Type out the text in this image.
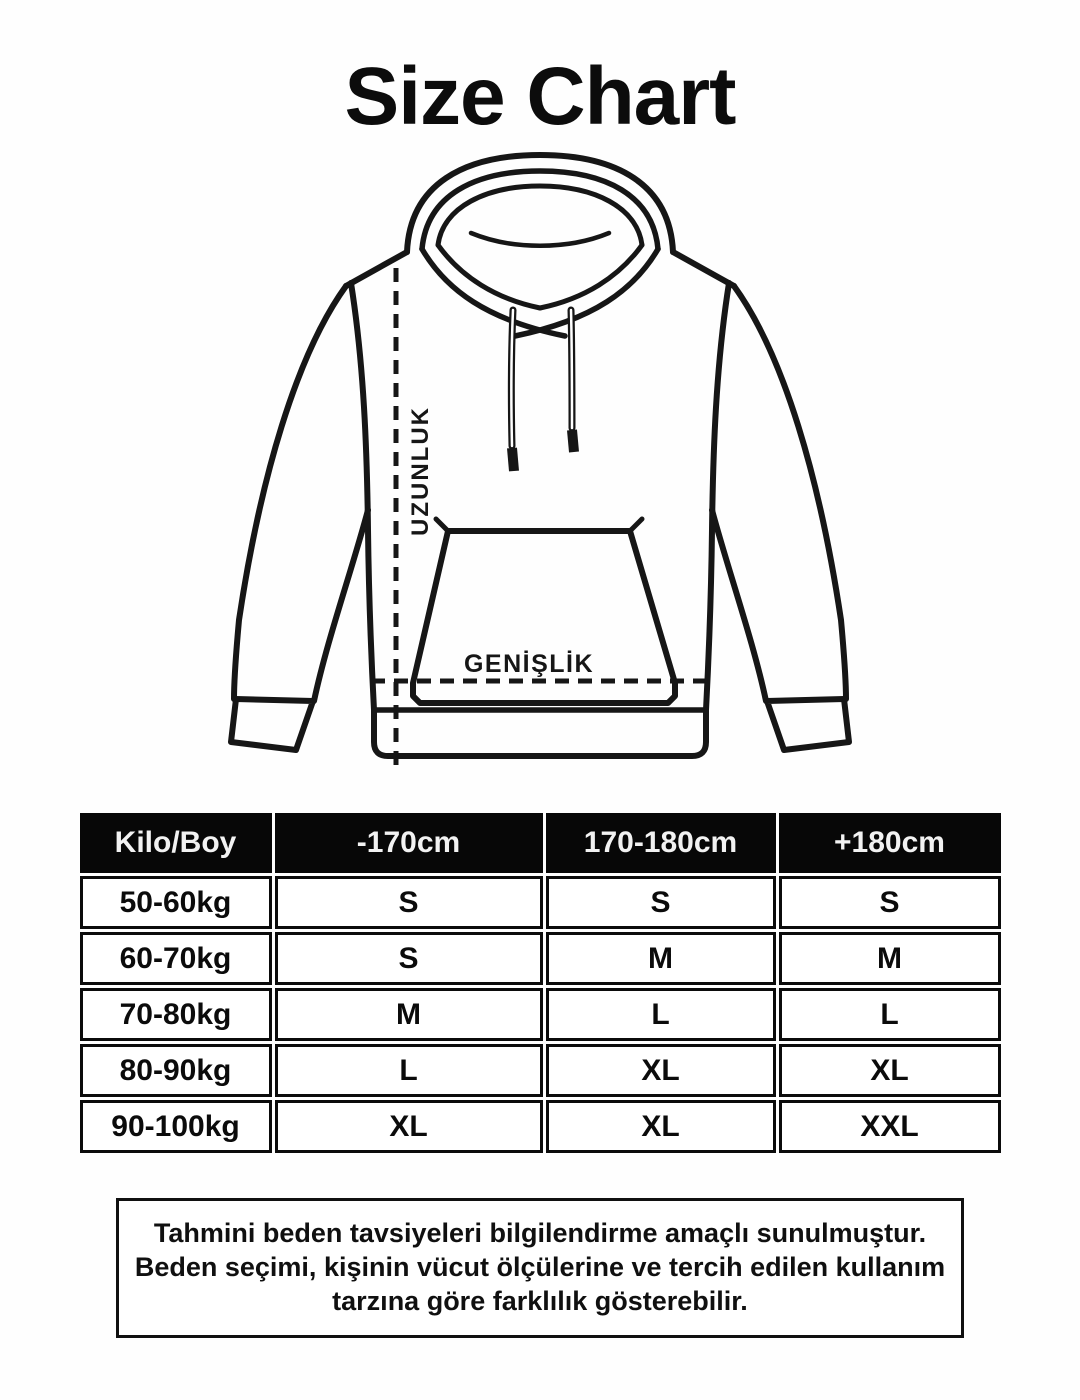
Size Chart
UZUNLUK
GENİŞLİK
Kilo/Boy	-170cm	170-180cm	+180cm
50-60kg	S	S	S
60-70kg	S	M	M
70-80kg	M	L	L
80-90kg	L	XL	XL
90-100kg	XL	XL	XXL
Tahmini beden tavsiyeleri bilgilendirme amaçlı sunulmuştur.
Beden seçimi, kişinin vücut ölçülerine ve tercih edilen kullanım
tarzına göre farklılık gösterebilir.
